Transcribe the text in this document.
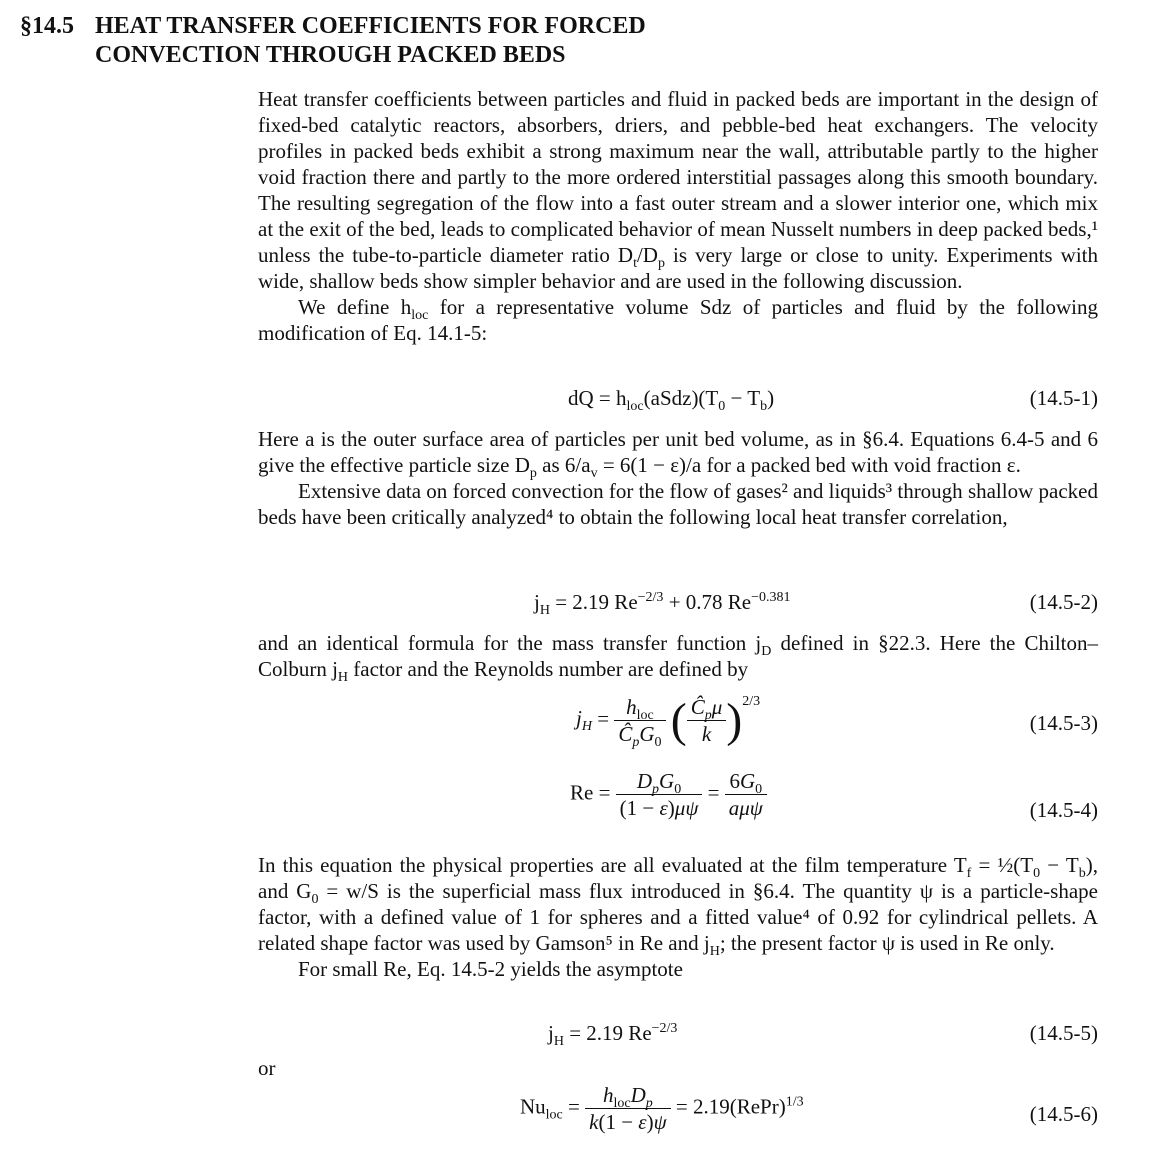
§14.5 HEAT TRANSFER COEFFICIENTS FOR FORCED
CONVECTION THROUGH PACKED BEDS

Heat transfer coefficients between particles and fluid in packed beds are important in the design of fixed-bed catalytic reactors, absorbers, driers, and pebble-bed heat exchangers. The velocity profiles in packed beds exhibit a strong maximum near the wall, attributable partly to the higher void fraction there and partly to the more ordered interstitial passages along this smooth boundary. The resulting segregation of the flow into a fast outer stream and a slower interior one, which mix at the exit of the bed, leads to complicated behavior of mean Nusselt numbers in deep packed beds,¹ unless the tube-to-particle diameter ratio $D_t/D_p$ is very large or close to unity. Experiments with wide, shallow beds show simpler behavior and are used in the following discussion.

We define $h_{loc}$ for a representative volume Sdz of particles and fluid by the following modification of Eq. 14.1-5:

dQ = $h_{loc}(aSdz)(T_0 - T_b)$	(14.5-1)

Here a is the outer surface area of particles per unit bed volume, as in §6.4. Equations 6.4-5 and 6 give the effective particle size $D_p$ as $6/a_v = 6(1 - \varepsilon)/a$ for a packed bed with void fraction ε.

Extensive data on forced convection for the flow of gases² and liquids³ through shallow packed beds have been critically analyzed⁴ to obtain the following local heat transfer correlation,

$j_H = 2.19$ $Re^{-2/3} + 0.78$ $Re^{-0.381}$	(14.5-2)

and an identical formula for the mass transfer function $j_D$ defined in §22.3. Here the Chilton–Colburn $j_H$ factor and the Reynolds number are defined by

$j_H = \frac{h_{loc}}{Ĉ_pG_0}$ ( $\frac{Ĉ_p\mu}{k} )^{2/3}$
(14.5-3)
$Re = \frac{D_pG_0}{(1 - \varepsilon)\mu\psi} = \frac{6G_0}{\text{aμψ}}$	(14.5-4)

In this equation the physical properties are all evaluated at the film temperature $T_f$ = $\frac{1}{2}(T_0 - T_b)$, and $G_0 = w/S$ is the superficial mass flux introduced in §6.4. The quantity ψ is a particle-shape factor, with a defined value of 1 for spheres and a fitted value⁴ of 0.92 for cylindrical pellets. A related shape factor was used by Gamson⁵ in Re and $j_H$; the present factor ψ is used in Re only.

For small Re, Eq. 14.5-2 yields the asymptote

$j_H = 2.19$ $Re^{-2/3}$	(14.5-5)
or
$Nu_{loc} = \frac{h_{loc}D_p}{k(1 - \varepsilon)\psi}$ = 2.19(RePr)$^{1/3}$
(14.5-6)
